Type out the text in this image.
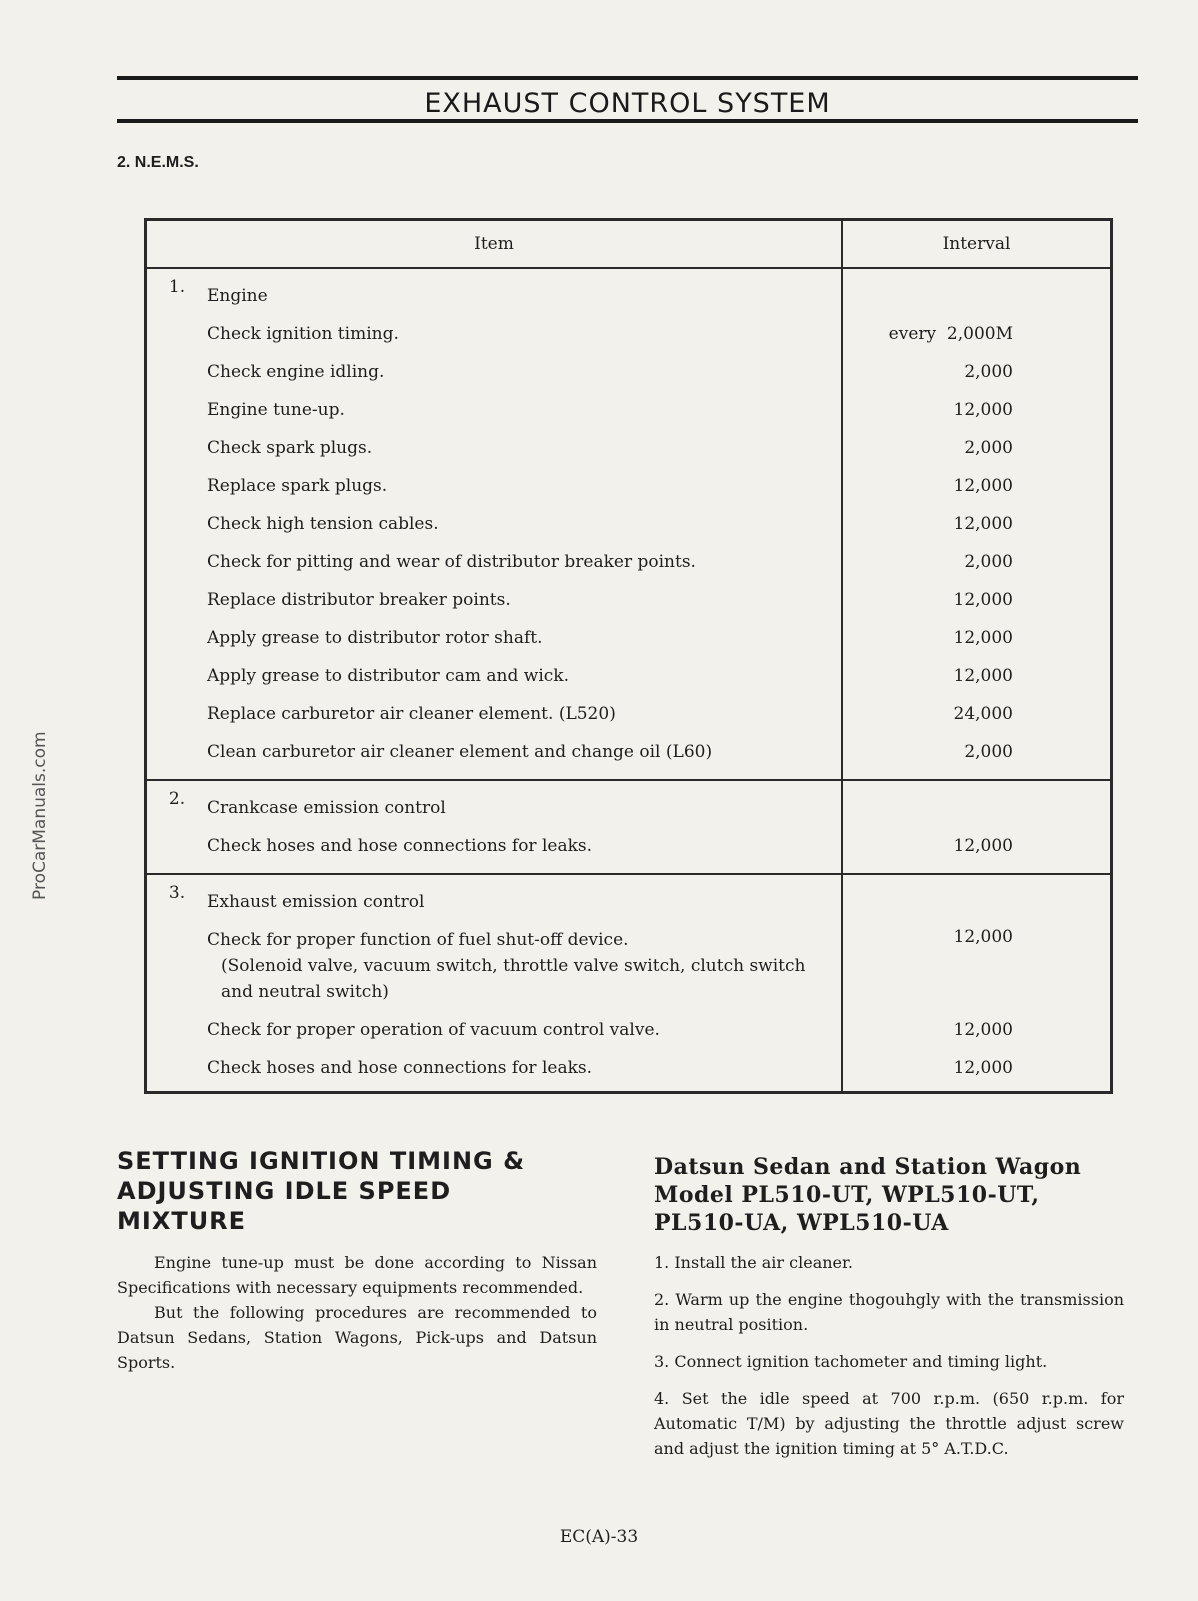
EXHAUST CONTROL SYSTEM
2. N.E.M.S.
ProCarManuals.com
Item		Interval
1.	Engine	
	Check ignition timing.	every  2,000M
	Check engine idling.	2,000
	Engine tune-up.	12,000
	Check spark plugs.	2,000
	Replace spark plugs.	12,000
	Check high tension cables.	12,000
	Check for pitting and wear of distributor breaker points.	2,000
	Replace distributor breaker points.	12,000
	Apply grease to distributor rotor shaft.	12,000
	Apply grease to distributor cam and wick.	12,000
	Replace carburetor air cleaner element. (L520)	24,000
	Clean carburetor air cleaner element and change oil (L60)	2,000
2.	Crankcase emission control	
	Check hoses and hose connections for leaks.	12,000
3.	Exhaust emission control	
	Check for proper function of fuel shut-off device.
(Solenoid valve, vacuum switch, throttle valve switch, clutch switch and neutral switch)	12,000
	Check for proper operation of vacuum control valve.	12,000
	Check hoses and hose connections for leaks.	12,000
SETTING IGNITION TIMING &
ADJUSTING IDLE SPEED
MIXTURE

Engine tune-up must be done according to Nissan Specifications with necessary equipments recommended.

But the following procedures are recommended to Datsun Sedans, Station Wagons, Pick-ups and Datsun Sports.

Datsun Sedan and Station Wagon
Model PL510-UT, WPL510-UT,
PL510-UA, WPL510-UA

1. Install the air cleaner.

2. Warm up the engine thogouhgly with the transmission in neutral position.

3. Connect ignition tachometer and timing light.

4. Set the idle speed at 700 r.p.m. (650 r.p.m. for Automatic T/M) by adjusting the throttle adjust screw and adjust the ignition timing at 5° A.T.D.C.

EC(A)-33
